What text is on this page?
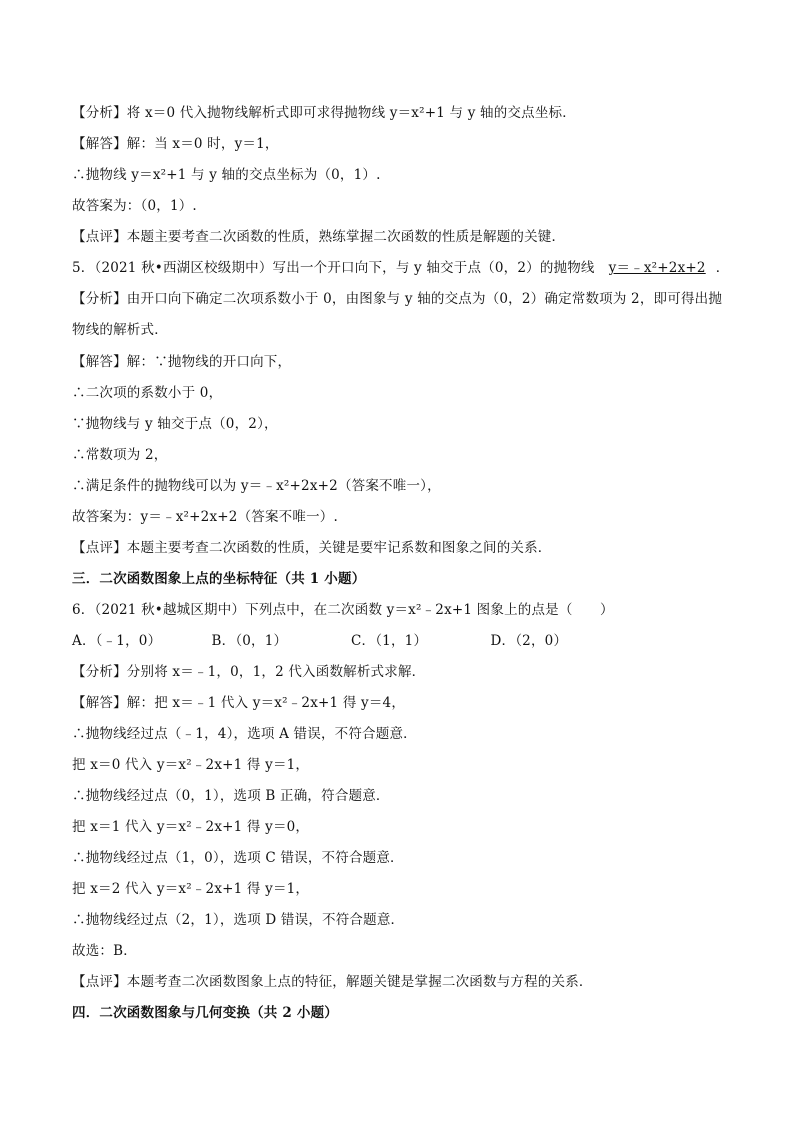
【分析】将 x＝0 代入抛物线解析式即可求得抛物线 y＝x²+1 与 y 轴的交点坐标．
【解答】解：当 x＝0 时，y＝1，
∴抛物线 y＝x²+1 与 y 轴的交点坐标为（0，1）.
故答案为：（0，1）.
【点评】本题主要考查二次函数的性质，熟练掌握二次函数的性质是解题的关键．
5．（2021 秋•西湖区校级期中）写出一个开口向下，与 y 轴交于点（0，2）的抛物线 y＝﹣x²+2x+2 ．
【分析】由开口向下确定二次项系数小于 0，由图象与 y 轴的交点为（0，2）确定常数项为 2，即可得出抛
物线的解析式．
【解答】解：∵抛物线的开口向下，
∴二次项的系数小于 0，
∵抛物线与 y 轴交于点（0，2），
∴常数项为 2，
∴满足条件的抛物线可以为 y＝﹣x²+2x+2（答案不唯一），
故答案为：y＝﹣x²+2x+2（答案不唯一）.
【点评】本题主要考查二次函数的性质，关键是要牢记系数和图象之间的关系．
三．二次函数图象上点的坐标特征（共 1 小题）
6．（2021 秋•越城区期中）下列点中，在二次函数 y＝x²﹣2x+1 图象上的点是（　　）
【分析】分别将 x＝﹣1，0，1，2 代入函数解析式求解．
【解答】解：把 x＝﹣1 代入 y＝x²﹣2x+1 得 y＝4，
∴抛物线经过点（﹣1，4），选项 A 错误，不符合题意．
把 x＝0 代入 y＝x²﹣2x+1 得 y＝1，
∴抛物线经过点（0，1），选项 B 正确，符合题意．
把 x＝1 代入 y＝x²﹣2x+1 得 y＝0，
∴抛物线经过点（1，0），选项 C 错误，不符合题意．
把 x＝2 代入 y＝x²﹣2x+1 得 y＝1，
∴抛物线经过点（2，1），选项 D 错误，不符合题意．
故选：B．
【点评】本题考查二次函数图象上点的特征，解题关键是掌握二次函数与方程的关系．
四．二次函数图象与几何变换（共 2 小题）
A．（﹣1，0）	B．（0，1）	C．（1，1）	D．（2，0）
